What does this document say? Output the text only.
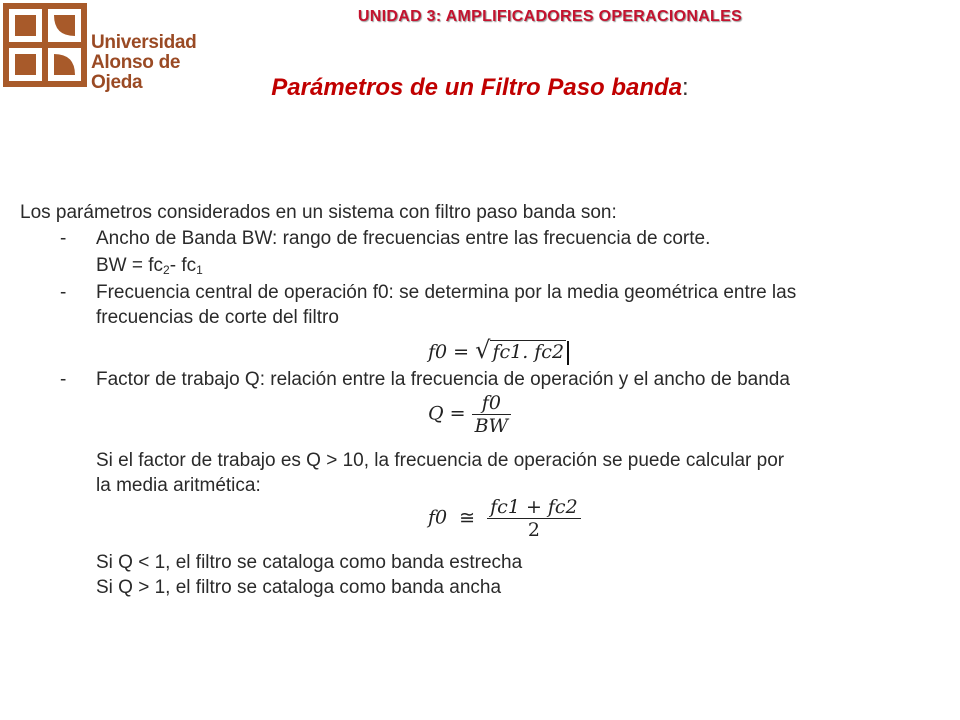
Universidad
Alonso de Ojeda
UNIDAD 3: AMPLIFICADORES OPERACIONALES
Parámetros de un Filtro Paso banda:
Los parámetros considerados en un sistema con filtro paso banda son:
- Ancho de Banda BW: rango de frecuencias entre las frecuencia de corte.
BW = $fc_2-$ $fc_1$
- Frecuencia central de operación f0: se determina por la media geométrica entre las
frecuencias de corte del filtro
f0 = √ fc1. fc2
- Factor de trabajo Q: relación entre la frecuencia de operación y el ancho de banda
$Q = \frac{f0}{BW}$
Si el factor de trabajo es Q > 10, la frecuencia de operación se puede calcular por
la media aritmética:
f0 ≅ $\frac{fc1 + fc2}{2}$
Si Q < 1, el filtro se cataloga como banda estrecha
Si Q > 1, el filtro se cataloga como banda ancha
